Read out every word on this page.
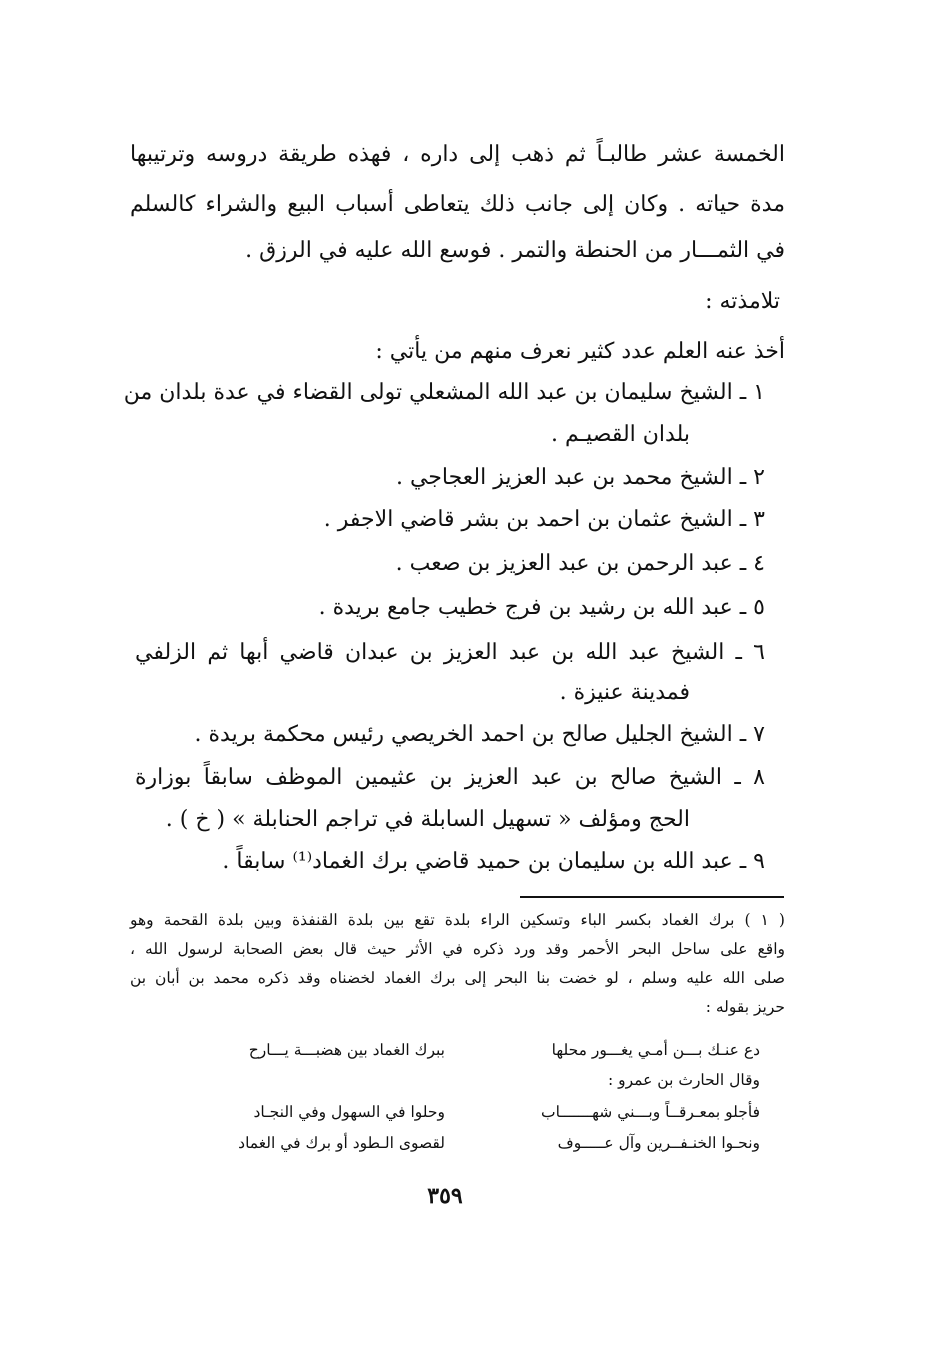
الخمسة عشر طالبـاً ثم ذهب إلى داره ، فهذه طريقة دروسه وترتيبها

مدة حياته . وكان إلى جانب ذلك يتعاطى أسباب البيع والشراء كالسلم

في الثمـــار من الحنطة والتمر . فوسع الله عليه في الرزق .

تلامذته :

أخذ عنه العلم عدد كثير نعرف منهم من يأتي :

١ ـ الشيخ سليمان بن عبد الله المشعلي تولى القضاء في عدة بلدان من

بلدان القصيـم .

٢ ـ الشيخ محمد بن عبد العزيز العجاجي .

٣ ـ الشيخ عثمان بن احمد بن بشر قاضي الاجفر .

٤ ـ عبد الرحمن بن عبد العزيز بن صعب .

٥ ـ عبد الله بن رشيد بن فرج خطيب جامع بريدة .

٦ ـ الشيخ عبد الله بن عبد العزيز بن عبدان قاضي أبها ثم الزلفي

فمدينة عنيزة .

٧ ـ الشيخ الجليل صالح بن احمد الخريصي رئيس محكمة بريدة .

٨ ـ الشيخ صالح بن عبد العزيز بن عثيمين الموظف سابقاً بوزارة

الحج ومؤلف « تسهيل السابلة في تراجم الحنابلة » ( خ ) .

٩ ـ عبد الله بن سليمان بن حميد قاضي برك الغماد⁽¹⁾ سابقاً .

( ١ ) برك الغماد بكسر الباء وتسكين الراء بلدة تقع بين بلدة القنفذة وبين بلدة القحمة وهو

واقع على ساحل البحر الأحمر وقد ورد ذكره في الأثر حيث قال بعض الصحابة لرسول الله ،

صلى الله عليه وسلم ، لو خضت بنا البحر إلى برك الغماد لخضناه وقد ذكره محمد بن أبان بن

حريز بقوله :

دع عنـك بـــن أمـي يغـــور محلها

ببرك الغماد بين هضبـــة يـــارح

وقال الحارث بن عمرو :

فأجلو بمعـرقــاً وبـــني شهـــــــاب

وحلوا في السهول وفي النجـاد

ونحـوا الخنـفــرين وآل عـــــوف

لقصوى الـطود أو برك في الغماد

٣٥٩
